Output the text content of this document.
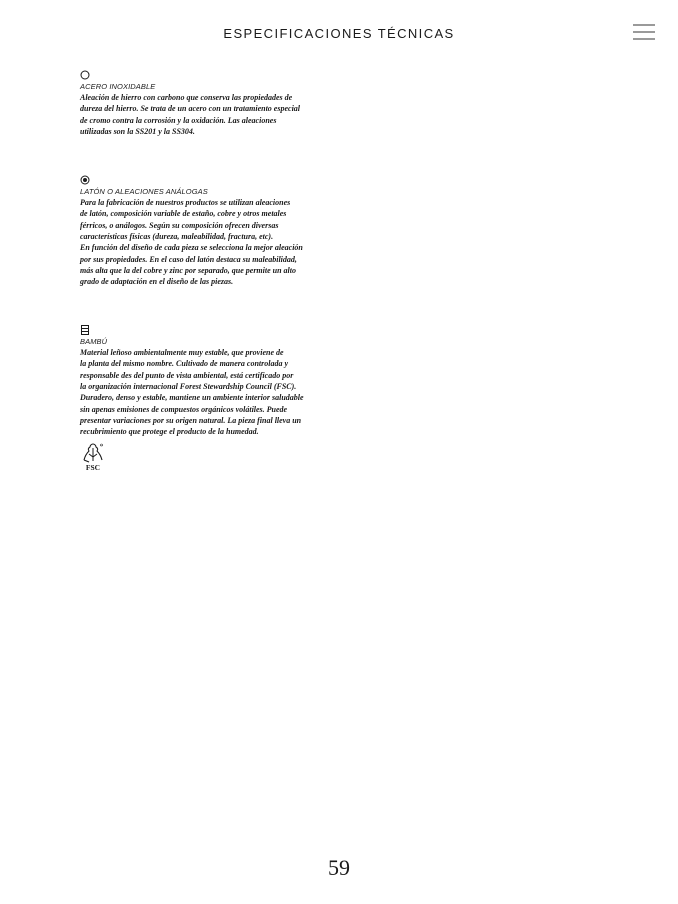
ESPECIFICACIONES TÉCNICAS
ACERO INOXIDABLE
Aleación de hierro con carbono que conserva las propiedades de
dureza del hierro. Se trata de un acero con un tratamiento especial
de cromo contra la corrosión y la oxidación. Las aleaciones
utilizadas son la SS201 y la SS304.
LATÓN O ALEACIONES ANÁLOGAS
Para la fabricación de nuestros productos se utilizan aleaciones
de latón, composición variable de estaño, cobre y otros metales
férricos, o análogos. Según su composición ofrecen diversas
características físicas (dureza, maleabilidad, fractura, etc).
En función del diseño de cada pieza se selecciona la mejor aleación
por sus propiedades. En el caso del latón destaca su maleabilidad,
más alta que la del cobre y zinc por separado, que permite un alto
grado de adaptación en el diseño de las piezas.
BAMBÚ
Material leñoso ambientalmente muy estable, que proviene de
la planta del mismo nombre. Cultivado de manera controlada y
responsable des del punto de vista ambiental, está certificado por
la organización internacional Forest Stewardship Council (FSC).
Duradero, denso y estable, mantiene un ambiente interior saludable
sin apenas emisiones de compuestos orgánicos volátiles. Puede
presentar variaciones por su origen natural. La pieza final lleva un
recubrimiento que protege el producto de la humedad.
FSC
59
